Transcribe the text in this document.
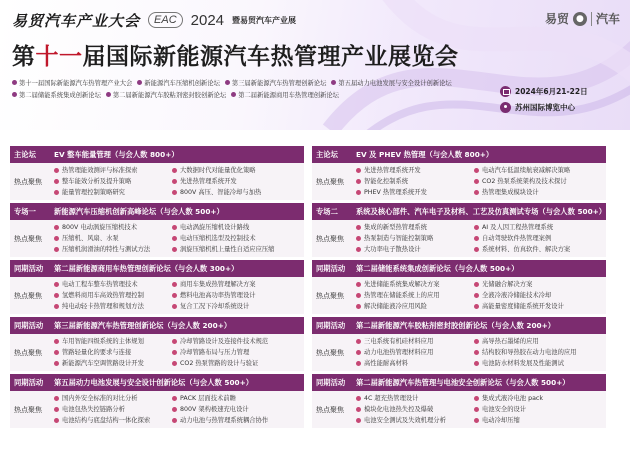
易贸汽车产业大会	EAC 2024 暨易贸汽车产业展	易贸 ● 汽车
第十一届国际新能源汽车热管理产业展览会
第十一届国际新能源汽车热管理产业大会 新能源汽车压缩机创新论坛 第三届新能源汽车热管理创新论坛 第五届动力电池发展与安全设计创新论坛
第二届储能系统集成创新论坛 第二届新能源汽车胶粘剂密封胶创新论坛 第二届新能源商用车热管理创新论坛	2024年6月21-22日
苏州国际博览中心
主论坛	EV 整车能量管理（与会人数 800+）
热点聚焦
热管理能效测评与标准探索	大数据时代对能量优化策略
整车能效分析及提升策略	先进热管理系统开发
能量管理控制策略研究	800V 高压、智能冷却与加热
专场一	新能源汽车压缩机创新高峰论坛（与会人数 500+）
热点聚焦
800V 电动涡旋压缩机技术	电动涡旋压缩机设计路线
压缩机、风扇、水泵	电动压缩机选型及控制技术
压缩机润滑油的特性与测试方法	涡旋压缩机机上量性自适应应压缩
同期活动	第二届新能源商用车热管理创新论坛（与会人数 300+）
热点聚焦
电动工程车整车热管理技术	商用车集成热管理解决方案
氢燃料商用车高效热管理控制	燃料电池高功率热管理设计
纯电动轻卡热管理和规划方法	复合工况下冷却系统设计
同期活动	第三届新能源汽车热管理创新论坛（与会人数 200+）
热点聚焦
车用智能四级系统的主体规划	冷却管路设计及连接件技术规范
管路轻量化的要求与连接	冷却管路布局与压力管理
新能源汽车空调管路设计开发	CO2 热泵管路的设计与验证
同期活动	第五届动力电池发展与安全设计创新论坛（与会人数 500+）
热点聚焦
国内外安全标准的对比分析	PACK 层面技术前瞻
电池包热失控链路分析	800V 架构极速充电设计
电池结构与底盘结构一体化探索	动力电池与热管理系统耦合协作
主论坛	EV 及 PHEV 热管理（与会人数 800+）
热点聚焦
先进热管理系统开发	电动汽车低温续航衰减解决策略
智能化控制系统	CO2 热泵系统架构及技术探讨
PHEV 热管理系统开发	热管理集成模块设计
专场二	系统及核心部件、汽车电子及材料、工艺及仿真测试专场（与会人数 500+）
热点聚焦
集成的新型热管理系统	AI 及人因工程热管理系统
热泵制造与智能控制策略	自动驾驶软件热管理案例
大功率电子散热设计	系统材料、仿真软件、解决方案
同期活动	第二届储能系统集成创新论坛（与会人数 500+）
热点聚焦
先进储能系统集成解决方案	光储融合解决方案
热管理在储能系统上的应用	全液冷液冷储能技术冷却
解决储能液冷应用风险	高能量密度储能系统开发设计
同期活动	第二届新能源汽车胶粘剂密封胶创新论坛（与会人数 200+）
热点聚焦
三电系统有机硅材料应用	高导热石墨烯的应用
动力电池热管理材料应用	结构胶和导热胶在动力电池的应用
高性能耐高材料	电池防水材料发展及性能测试
同期活动	第二届新能源汽车热管理与电池安全创新论坛（与会人数 500+）
热点聚焦
4C 超充热管理设计	集成式液冷电池 pack
模块化电池热失控及爆破	电池安全的设计
电池安全测试及失效机理分析	电动冷却压缩
